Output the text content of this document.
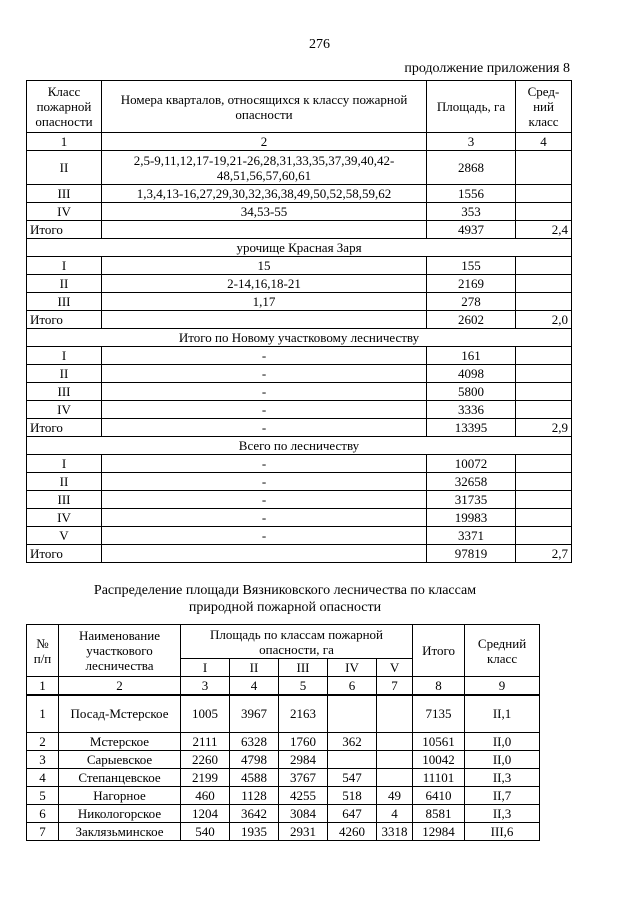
276
продолжение приложения 8
Класс пожарной опасности	Номера кварталов, относящихся к классу пожарной опасности	Площадь, га	Сред-ний класс
1	2	3	4
II	2,5-9,11,12,17-19,21-26,28,31,33,35,37,39,40,42-48,51,56,57,60,61	2868	
III	1,3,4,13-16,27,29,30,32,36,38,49,50,52,58,59,62	1556	
IV	34,53-55	353	
Итого		4937	2,4
урочище Красная Заря			
I	15	155	
II	2-14,16,18-21	2169	
III	1,17	278	
Итого		2602	2,0
Итого по Новому участковому лесничеству			
I	-	161	
II	-	4098	
III	-	5800	
IV	-	3336	
Итого	-	13395	2,9
Всего по лесничеству			
I	-	10072	
II	-	32658	
III	-	31735	
IV	-	19983	
V	-	3371	
Итого		97819	2,7
Распределение площади Вязниковского лесничества по классам
природной пожарной опасности
№ п/п	Наименование участкового лесничества	Площадь по классам пожарной опасности, га					Итого	Средний класс
		I	II	III	IV	V		
1	2	3	4	5	6	7	8	9
1	Посад-Мстерское	1005	3967	2163			7135	II,1
2	Мстерское	2111	6328	1760	362		10561	II,0
3	Сарыевское	2260	4798	2984			10042	II,0
4	Степанцевское	2199	4588	3767	547		11101	II,3
5	Нагорное	460	1128	4255	518	49	6410	II,7
6	Никологорское	1204	3642	3084	647	4	8581	II,3
7	Заклязьминское	540	1935	2931	4260	3318	12984	III,6
